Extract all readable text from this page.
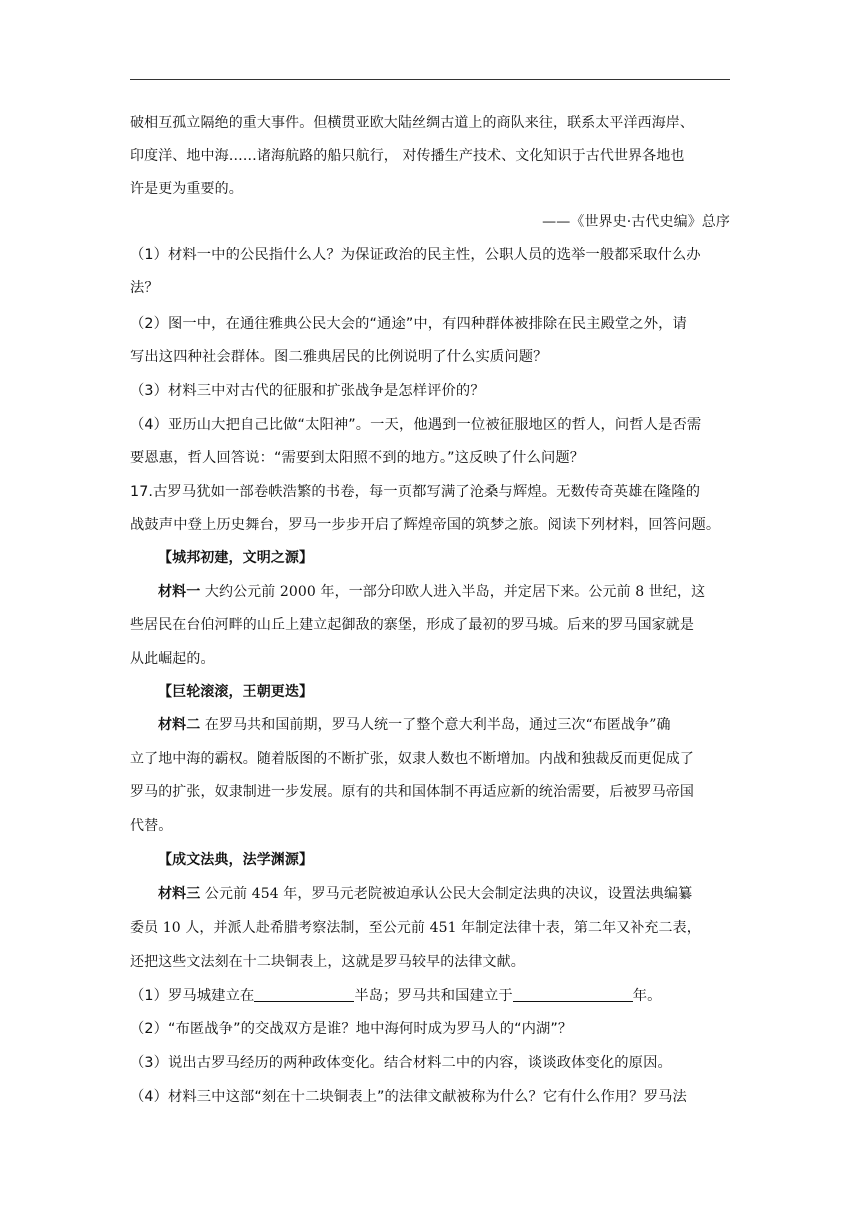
破相互孤立隔绝的重大事件。但横贯亚欧大陆丝绸古道上的商队来往，联系太平洋西海岸、
印度洋、地中海……诸海航路的船只航行， 对传播生产技术、文化知识于古代世界各地也
许是更为重要的。
——《世界史·古代史编》总序
（1）材料一中的公民指什么人？为保证政治的民主性，公职人员的选举一般都采取什么办
法？
（2）图一中，在通往雅典公民大会的“通途”中，有四种群体被排除在民主殿堂之外，请
写出这四种社会群体。图二雅典居民的比例说明了什么实质问题？
（3）材料三中对古代的征服和扩张战争是怎样评价的？
（4）亚历山大把自己比做“太阳神”。一天，他遇到一位被征服地区的哲人，问哲人是否需
要恩惠，哲人回答说：“需要到太阳照不到的地方。”这反映了什么问题？
17.古罗马犹如一部卷帙浩繁的书卷，每一页都写满了沧桑与辉煌。无数传奇英雄在隆隆的
战鼓声中登上历史舞台，罗马一步步开启了辉煌帝国的筑梦之旅。阅读下列材料，回答问题。
【城邦初建，文明之源】
材料一 大约公元前 2000 年，一部分印欧人进入半岛，并定居下来。公元前 8 世纪，这
些居民在台伯河畔的山丘上建立起御敌的寨堡，形成了最初的罗马城。后来的罗马国家就是
从此崛起的。
【巨轮滚滚，王朝更迭】
材料二 在罗马共和国前期，罗马人统一了整个意大利半岛，通过三次“布匿战争”确
立了地中海的霸权。随着版图的不断扩张，奴隶人数也不断增加。内战和独裁反而更促成了
罗马的扩张，奴隶制进一步发展。原有的共和国体制不再适应新的统治需要，后被罗马帝国
代替。
【成文法典，法学渊源】
材料三 公元前 454 年，罗马元老院被迫承认公民大会制定法典的决议，设置法典编纂
委员 10 人，并派人赴希腊考察法制，至公元前 451 年制定法律十表，第二年又补充二表，
还把这些文法刻在十二块铜表上，这就是罗马较早的法律文献。
（1）罗马城建立在	半岛；罗马共和国建立于	年。
（2）“布匿战争”的交战双方是谁？地中海何时成为罗马人的“内湖”？
（3）说出古罗马经历的两种政体变化。结合材料二中的内容，谈谈政体变化的原因。
（4）材料三中这部“刻在十二块铜表上”的法律文献被称为什么？它有什么作用？罗马法
